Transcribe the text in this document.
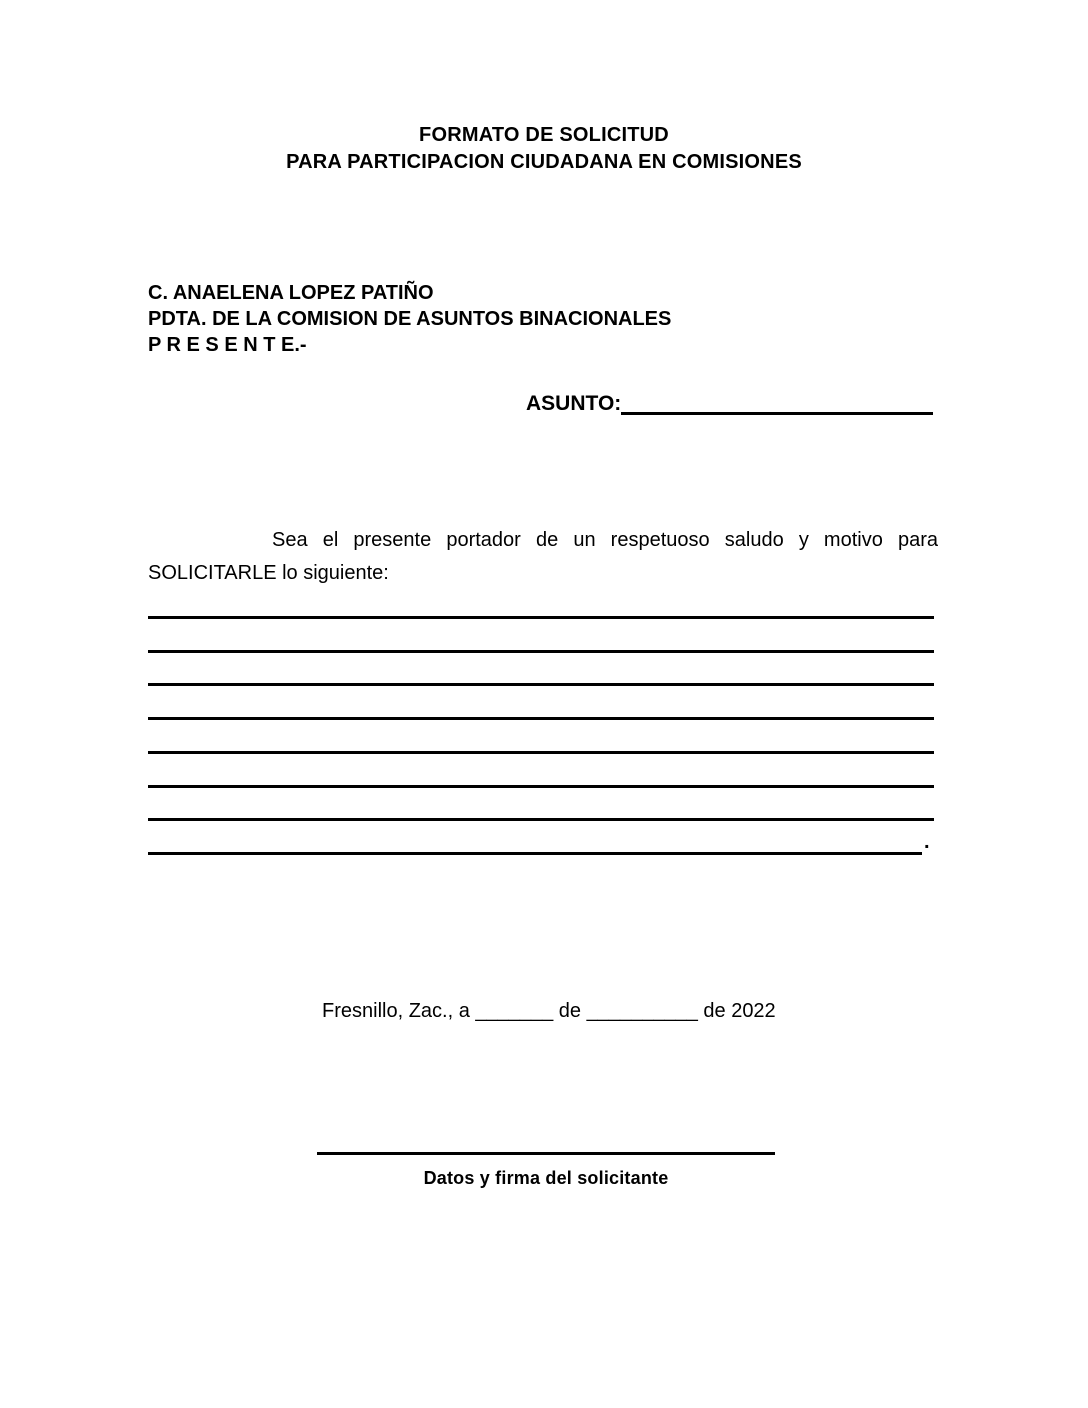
FORMATO DE SOLICITUD
PARA PARTICIPACION CIUDADANA EN COMISIONES
C. ANAELENA LOPEZ PATIÑO
PDTA. DE LA COMISION DE ASUNTOS BINACIONALES
P R E S E N T E.-
ASUNTO:
Sea el presente portador de un respetuoso saludo y motivo para
SOLICITARLE lo siguiente:
.
Fresnillo, Zac., a _______ de __________ de 2022
Datos y firma del solicitante
